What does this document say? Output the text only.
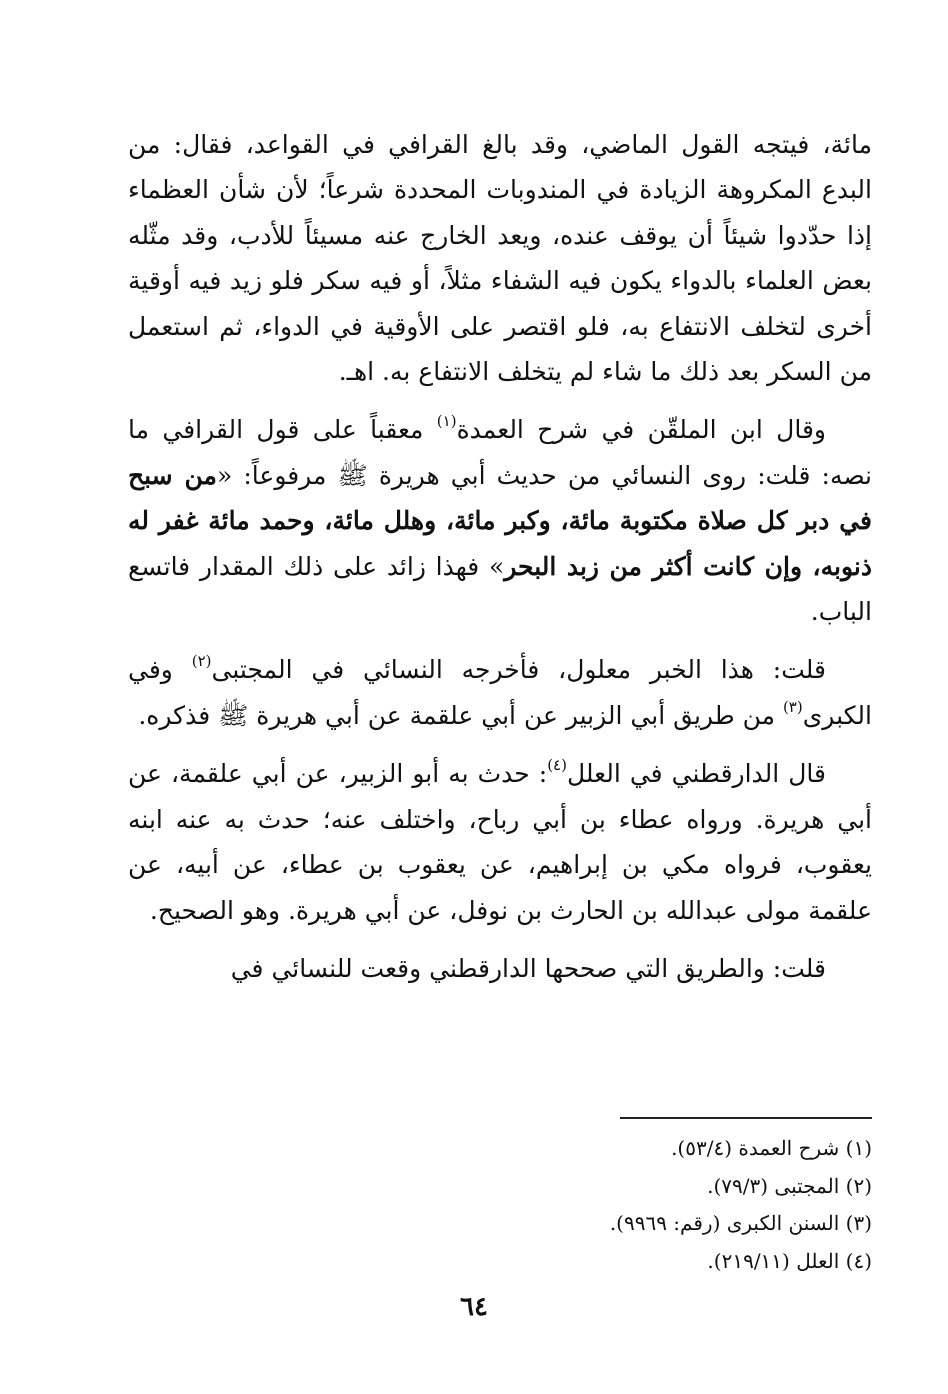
مائة، فيتجه القول الماضي، وقد بالغ القرافي في القواعد، فقال: من البدع المكروهة الزيادة في المندوبات المحددة شرعاً؛ لأن شأن العظماء إذا حدّدوا شيئاً أن يوقف عنده، ويعد الخارج عنه مسيئاً للأدب، وقد مثّله بعض العلماء بالدواء يكون فيه الشفاء مثلاً، أو فيه سكر فلو زيد فيه أوقية أخرى لتخلف الانتفاع به، فلو اقتصر على الأوقية في الدواء، ثم استعمل من السكر بعد ذلك ما شاء لم يتخلف الانتفاع به. اهـ.

وقال ابن الملقّن في شرح العمدة$^{(١)}$ معقباً على قول القرافي ما نصه: قلت: روى النسائي من حديث أبي هريرة ﷺ مرفوعاً: «من سبح في دبر كل صلاة مكتوبة مائة، وكبر مائة، وهلل مائة، وحمد مائة غفر له ذنوبه، وإن كانت أكثر من زبد البحر» فهذا زائد على ذلك المقدار فاتسع الباب.

قلت: هذا الخبر معلول، فأخرجه النسائي في المجتبى$^{(٢)}$ وفي الكبرى$^{(٣)}$ من طريق أبي الزبير عن أبي علقمة عن أبي هريرة ﷺ فذكره.

قال الدارقطني في العلل$^{(٤)}$: حدث به أبو الزبير، عن أبي علقمة، عن أبي هريرة. ورواه عطاء بن أبي رباح، واختلف عنه؛ حدث به عنه ابنه يعقوب، فرواه مكي بن إبراهيم، عن يعقوب بن عطاء، عن أبيه، عن علقمة مولى عبدالله بن الحارث بن نوفل، عن أبي هريرة. وهو الصحيح.

قلت: والطريق التي صححها الدارقطني وقعت للنسائي في

(١) شرح العمدة (٥٣/٤).

(٢) المجتبى (٧٩/٣).

(٣) السنن الكبرى (رقم: ٩٩٦٩).

(٤) العلل (٢١٩/١١).

٦٤
